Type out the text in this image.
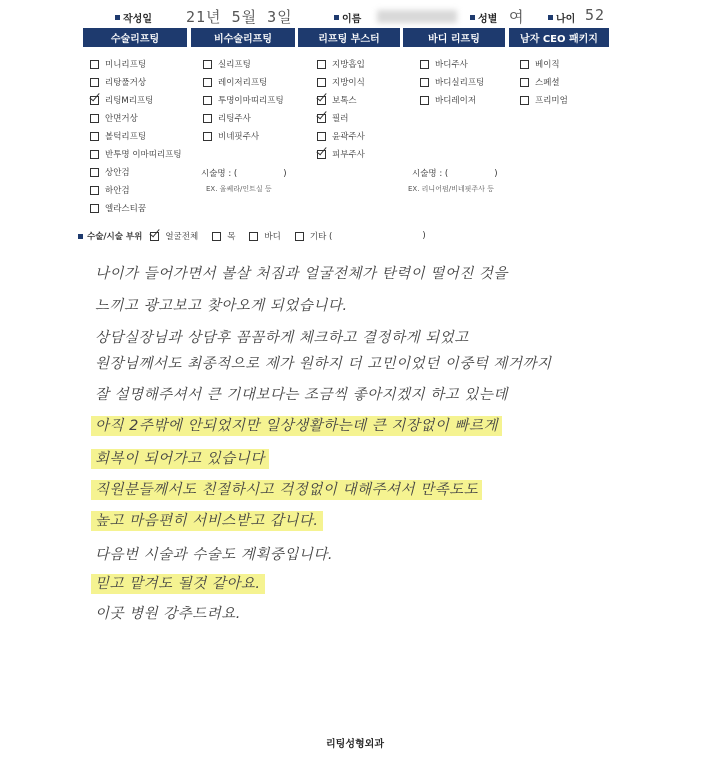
작성일 21년 5월 3일	이름	성별 여	나이 52
수술리프팅	비수술리프팅	리프팅 부스터	바디 리프팅	남자 CEO 패키지
미니리프팅
리탕풀거상
리팅M리프팅
안면거상
볼턱리프팅
반투명 이마띠리프팅
상안검
하안검
엘라스티꿈
실리프팅
레이저리프팅
투명이마띠리프팅
리팅주사
비네핏주사
지방흡입
지방이식
보톡스
필러
윤곽주사
피부주사
바디주사
바디실리프팅
바디레이저
베이직
스페셜
프리미엄
시술명 : (	)
EX. 울쎄라/인트실 등
시술명 : (	)
EX. 리니어펌/비네핏주사 등
수술/시술 부위	얼굴전체	목	바디	기타 (	)
나이가 들어가면서 볼살 처짐과 얼굴전체가 탄력이 떨어진 것을
느끼고 광고보고 찾아오게 되었습니다.
상담실장님과 상담후 꼼꼼하게 체크하고 결정하게 되었고
원장님께서도 최종적으로 제가 원하지 더 고민이었던 이중턱 제거까지
잘 설명해주셔서 큰 기대보다는 조금씩 좋아지겠지 하고 있는데
아직 2주밖에 안되었지만 일상생활하는데 큰 지장없이 빠르게
회복이 되어가고 있습니다
직원분들께서도 친절하시고 걱정없이 대해주셔서 만족도도
높고 마음편히 서비스받고 갑니다.
다음번 시술과 수술도 계획중입니다.
믿고 맡겨도 될것 같아요.
이곳 병원 강추드려요.
리팅성형외과
